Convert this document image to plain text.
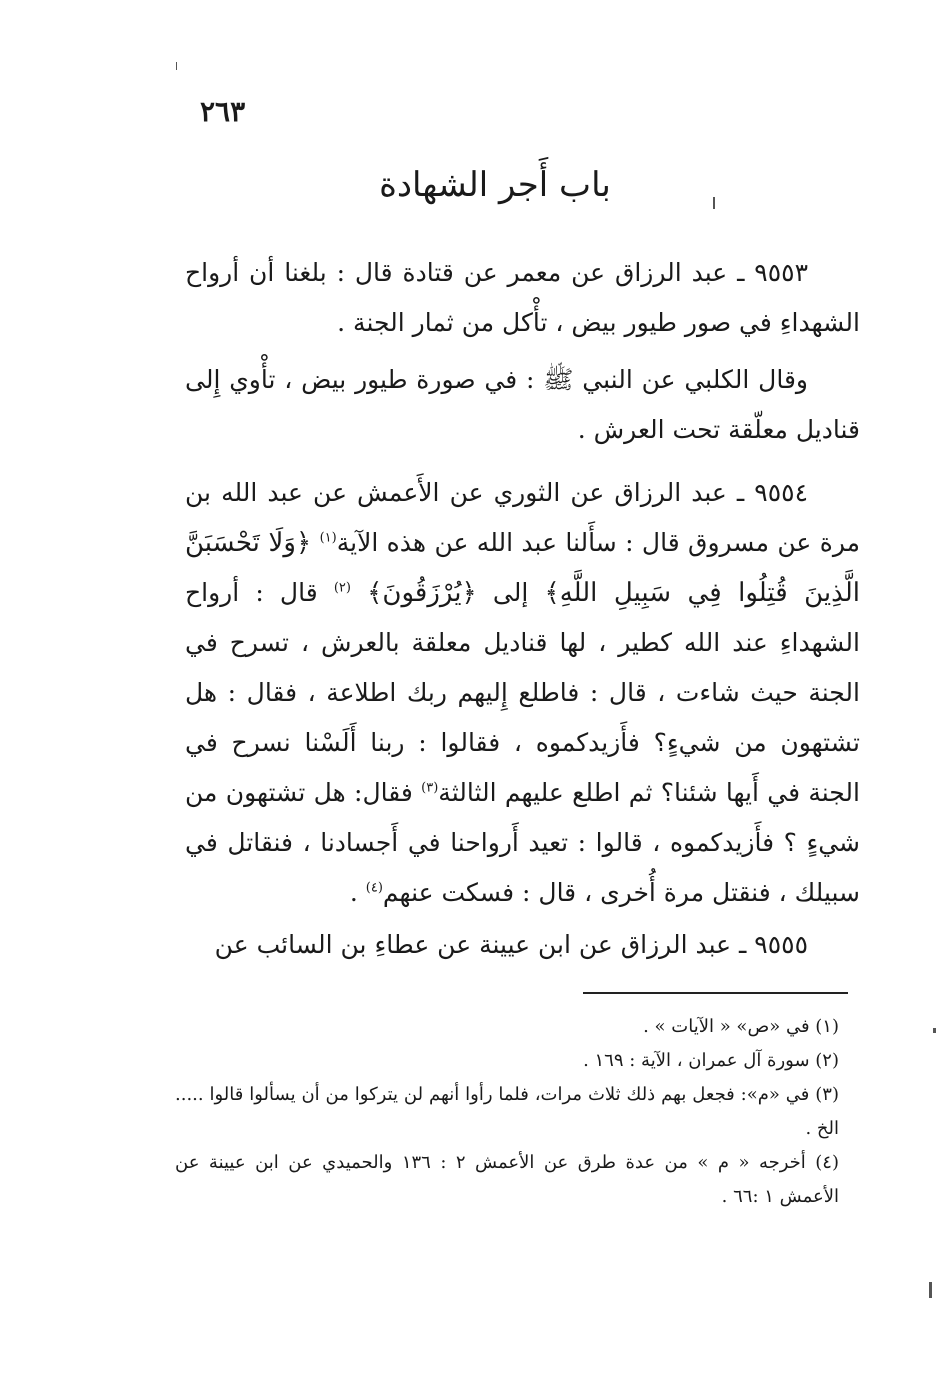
٢٦٣
باب أَجر الشهادة

٩٥٥٣ ـ عبد الرزاق عن معمر عن قتادة قال : بلغنا أن أرواح الشهداءِ في صور طيور بيض ، تأْكل من ثمار الجنة .

وقال الكلبي عن النبي ﷺ : في صورة طيور بيض ، تأْوي إِلى قناديل معلّقة تحت العرش .

٩٥٥٤ ـ عبد الرزاق عن الثوري عن الأَعمش عن عبد الله بن مرة عن مسروق قال : سأَلنا عبد الله عن هذه الآية$^{(١)}$ ﴿وَلَا تَحْسَبَنَّ الَّذِينَ قُتِلُوا فِي سَبِيلِ اللَّهِ﴾ إلى ﴿يُرْزَقُونَ﴾ $^{(٢)}$ قال : أرواح الشهداءِ عند الله كطير ، لها قناديل معلقة بالعرش ، تسرح في الجنة حيث شاءت ، قال : فاطلع إِليهم ربك اطلاعة ، فقال : هل تشتهون من شيءٍ؟ فأَزيدكموه ، فقالوا : ربنا أَلَسْنا نسرح في الجنة في أَيها شئنا؟ ثم اطلع عليهم الثالثة$^{(٣)}$ فقال: هل تشتهون من شيءٍ ؟ فأَزيدكموه ، قالوا : تعيد أَرواحنا في أَجسادنا ، فنقاتل في سبيلك ، فنقتل مرة أُخرى ، قال : فسكت عنهم$^{(٤)}$ .

٩٥٥٥ ـ عبد الرزاق عن ابن عيينة عن عطاءِ بن السائب عن

(١) في «ص» « الآيات » .
(٢) سورة آل عمران ، الآية : ١٦٩ .
(٣) في «م»: فجعل بهم ذلك ثلاث مرات، فلما رأوا أنهم لن يتركوا من أن يسألوا قالوا ..... الخ .
(٤) أخرجه « م » من عدة طرق عن الأعمش ٢ : ١٣٦ والحميدي عن ابن عيينة عن الأعمش ١ :٦٦ .
